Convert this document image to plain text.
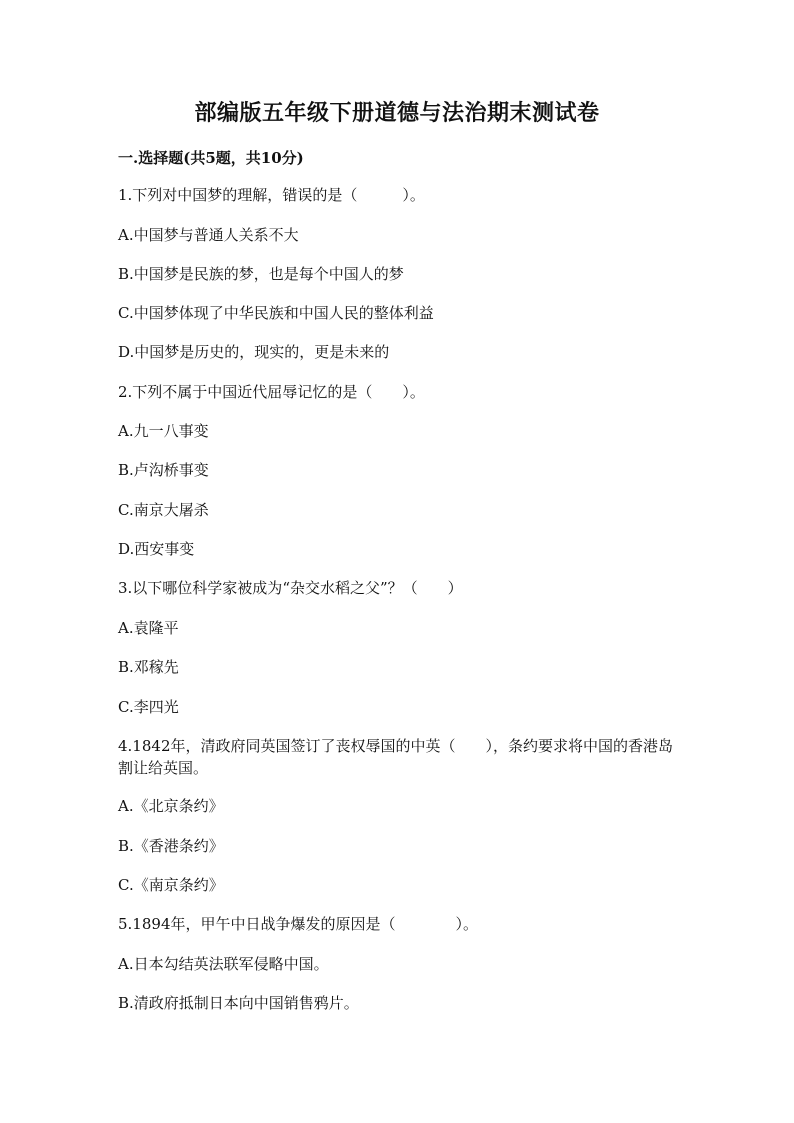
部编版五年级下册道德与法治期末测试卷
一.选择题(共5题，共10分)
1.下列对中国梦的理解，错误的是（　　　）。
A.中国梦与普通人关系不大
B.中国梦是民族的梦，也是每个中国人的梦
C.中国梦体现了中华民族和中国人民的整体利益
D.中国梦是历史的，现实的，更是未来的
2.下列不属于中国近代屈辱记忆的是（　　）。
A.九一八事变
B.卢沟桥事变
C.南京大屠杀
D.西安事变
3.以下哪位科学家被成为“杂交水稻之父”？（　　）
A.袁隆平
B.邓稼先
C.李四光
4.1842年，清政府同英国签订了丧权辱国的中英（　　），条约要求将中国的香港岛割让给英国。
A.《北京条约》
B.《香港条约》
C.《南京条约》
5.1894年，甲午中日战争爆发的原因是（　　　　）。
A.日本勾结英法联军侵略中国。
B.清政府抵制日本向中国销售鸦片。
